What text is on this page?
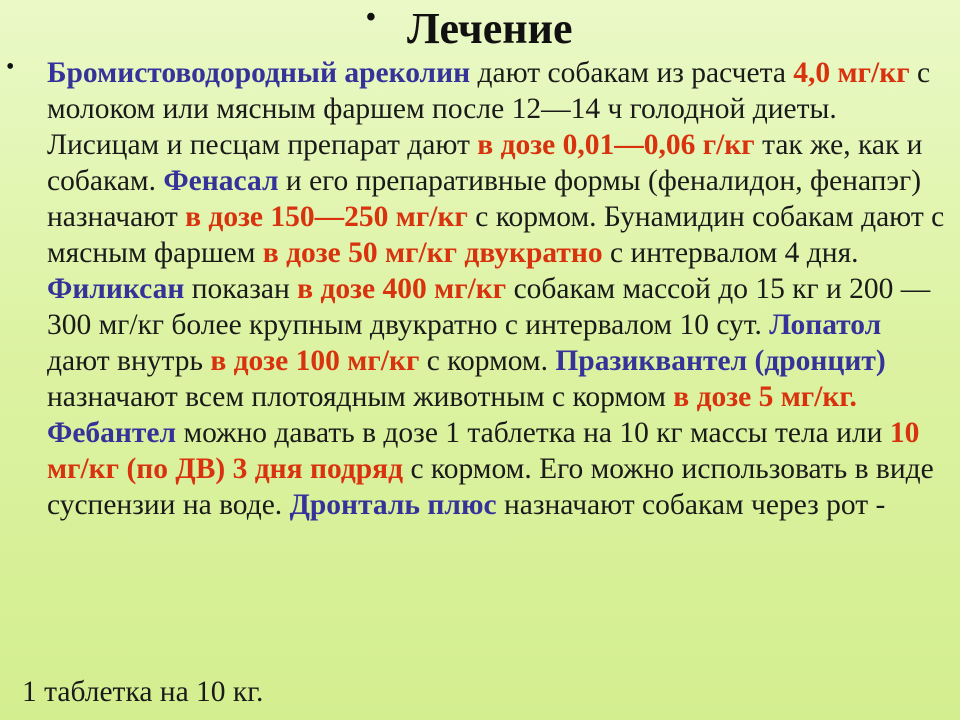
• Лечение
• Бромистоводородный ареколин дают собакам из расчета 4,0 мг/кг с молоком или мясным фаршем после 12—14 ч голодной диеты. Лисицам и песцам препарат дают в дозе 0,01—0,06 г/кг так же, как и собакам. Фенасал и его препаративные формы (феналидон, фенапэг) назначают в дозе 150—250 мг/кг с кормом. Бунамидин собакам дают с мясным фаршем в дозе 50 мг/кг двукратно с интервалом 4 дня. Филиксан показан в дозе 400 мг/кг собакам массой до 15 кг и 200 —300 мг/кг более крупным двукратно с интервалом 10 сут. Лопатол дают внутрь в дозе 100 мг/кг с кормом. Празиквантел (дронцит) назначают всем плотоядным животным с кормом в дозе 5 мг/кг. Фебантел можно давать в дозе 1 таблетка на 10 кг массы тела или 10 мг/кг (по ДВ) 3 дня подряд с кормом. Его можно использовать в виде суспензии на воде. Дронталь плюс назначают собакам через рот -
1 таблетка на 10 кг.
